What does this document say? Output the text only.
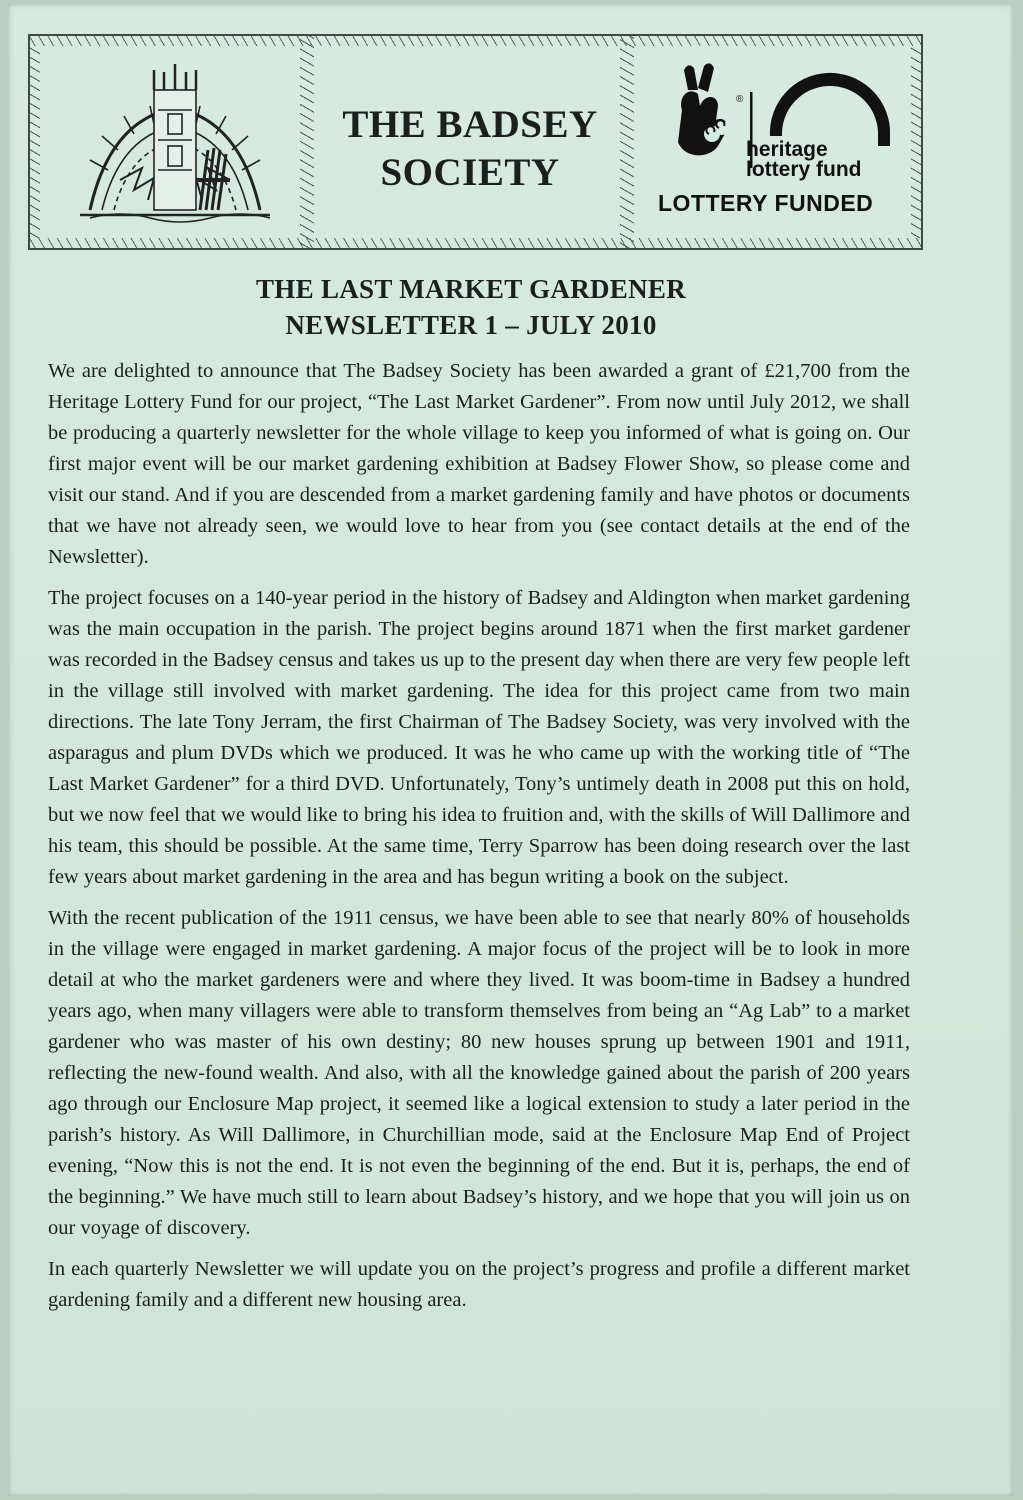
THE BADSEY
SOCIETY
®
heritage
lottery fund
LOTTERY FUNDED
THE LAST MARKET GARDENER
NEWSLETTER 1 – JULY 2010

We are delighted to announce that The Badsey Society has been awarded a grant of £21,700 from the Heritage Lottery Fund for our project, “The Last Market Gardener”. From now until July 2012, we shall be producing a quarterly newsletter for the whole village to keep you informed of what is going on. Our first major event will be our market gardening exhibition at Badsey Flower Show, so please come and visit our stand. And if you are descended from a market gardening family and have photos or documents that we have not already seen, we would love to hear from you (see contact details at the end of the Newsletter).

The project focuses on a 140-year period in the history of Badsey and Aldington when market gardening was the main occupation in the parish. The project begins around 1871 when the first market gardener was recorded in the Badsey census and takes us up to the present day when there are very few people left in the village still involved with market gardening. The idea for this project came from two main directions. The late Tony Jerram, the first Chairman of The Badsey Society, was very involved with the asparagus and plum DVDs which we produced. It was he who came up with the working title of “The Last Market Gardener” for a third DVD. Unfortunately, Tony’s untimely death in 2008 put this on hold, but we now feel that we would like to bring his idea to fruition and, with the skills of Will Dallimore and his team, this should be possible. At the same time, Terry Sparrow has been doing research over the last few years about market gardening in the area and has begun writing a book on the subject.

With the recent publication of the 1911 census, we have been able to see that nearly 80% of households in the village were engaged in market gardening. A major focus of the project will be to look in more detail at who the market gardeners were and where they lived. It was boom-time in Badsey a hundred years ago, when many villagers were able to transform themselves from being an “Ag Lab” to a market gardener who was master of his own destiny; 80 new houses sprung up between 1901 and 1911, reflecting the new-found wealth. And also, with all the knowledge gained about the parish of 200 years ago through our Enclosure Map project, it seemed like a logical extension to study a later period in the parish’s history. As Will Dallimore, in Churchillian mode, said at the Enclosure Map End of Project evening, “Now this is not the end. It is not even the beginning of the end. But it is, perhaps, the end of the beginning.” We have much still to learn about Badsey’s history, and we hope that you will join us on our voyage of discovery.

In each quarterly Newsletter we will update you on the project’s progress and profile a different market gardening family and a different new housing area.
